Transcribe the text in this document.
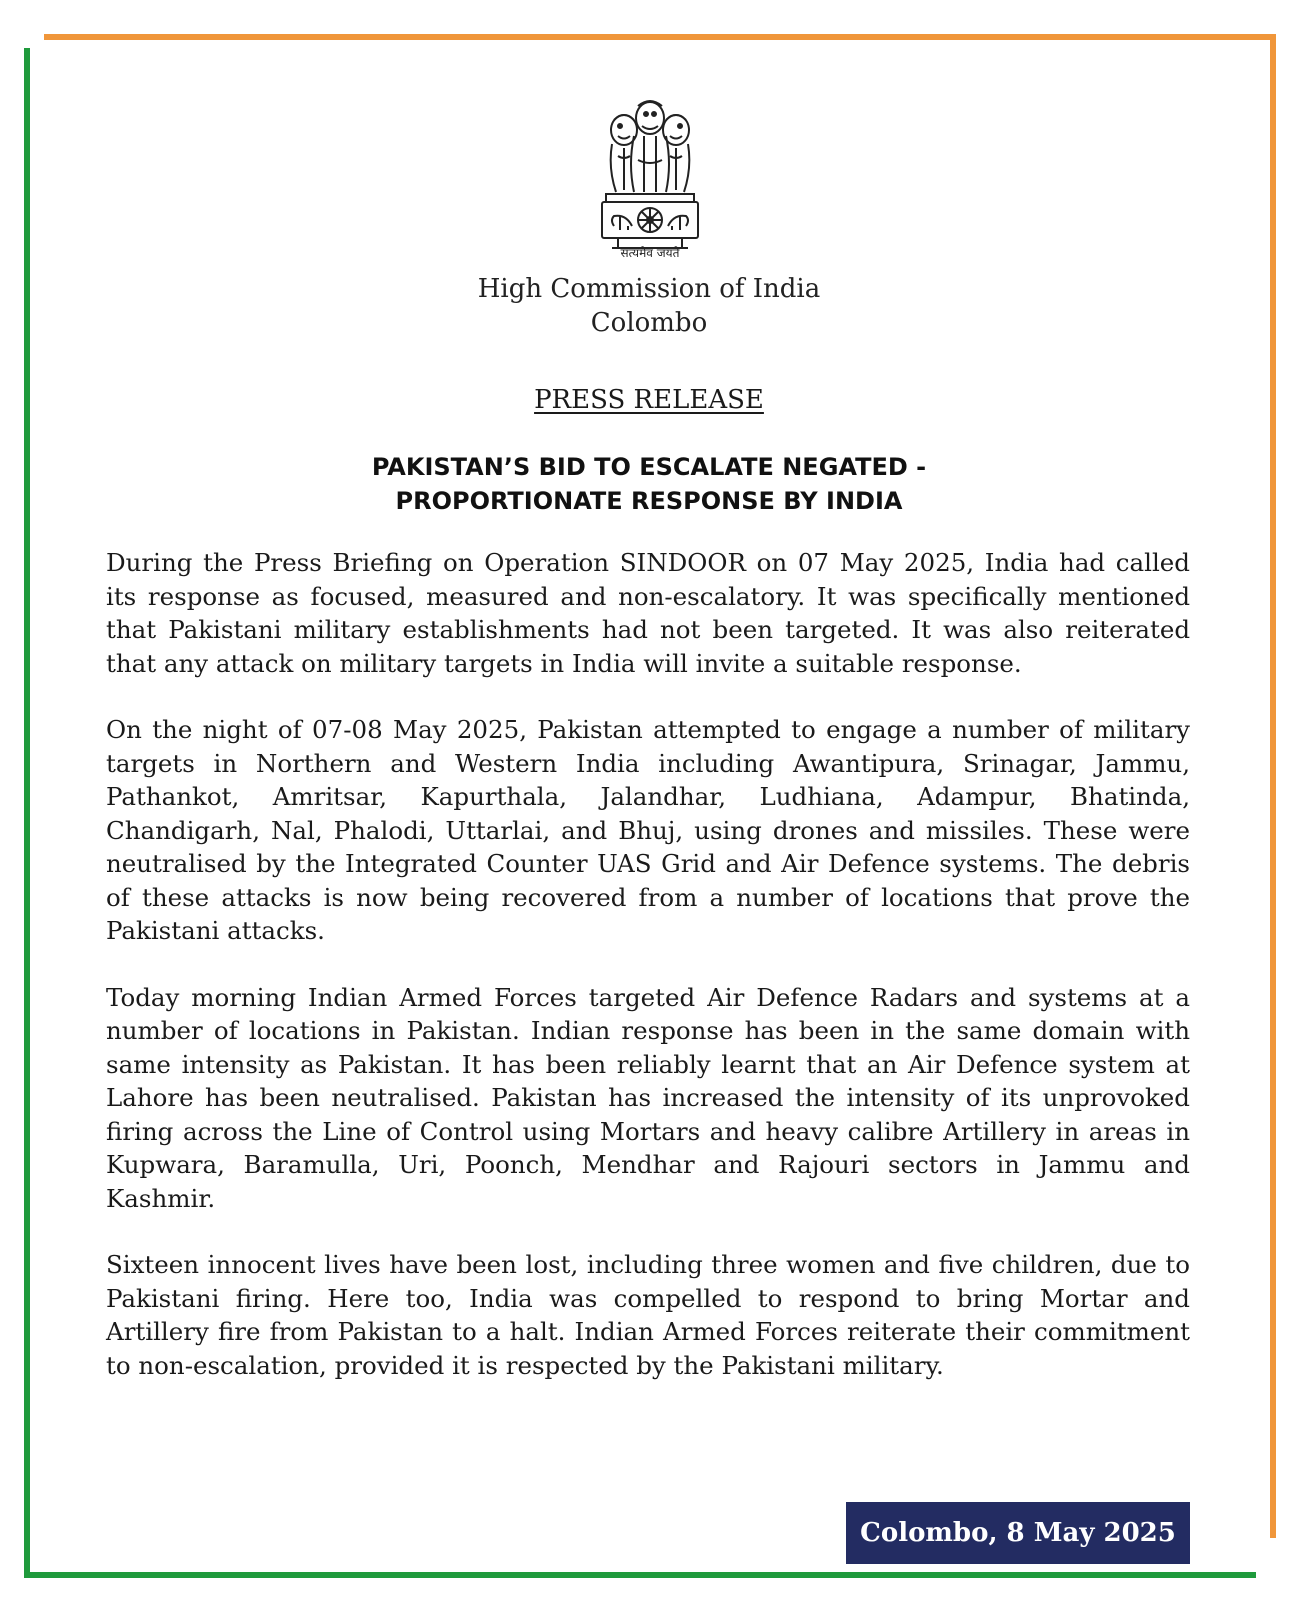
सत्यमेव जयते
High Commission of India
Colombo
PRESS RELEASE
PAKISTAN’S BID TO ESCALATE NEGATED -
PROPORTIONATE RESPONSE BY INDIA

During the Press Briefing on Operation SINDOOR on 07 May 2025, India had called its response as focused, measured and non-escalatory. It was specifically mentioned that Pakistani military establishments had not been targeted. It was also reiterated that any attack on military targets in India will invite a suitable response.

On the night of 07-08 May 2025, Pakistan attempted to engage a number of military targets in Northern and Western India including Awantipura, Srinagar, Jammu, Pathankot, Amritsar, Kapurthala, Jalandhar, Ludhiana, Adampur, Bhatinda, Chandigarh, Nal, Phalodi, Uttarlai, and Bhuj, using drones and missiles. These were neutralised by the Integrated Counter UAS Grid and Air Defence systems. The debris of these attacks is now being recovered from a number of locations that prove the Pakistani attacks.

Today morning Indian Armed Forces targeted Air Defence Radars and systems at a number of locations in Pakistan. Indian response has been in the same domain with same intensity as Pakistan. It has been reliably learnt that an Air Defence system at Lahore has been neutralised. Pakistan has increased the intensity of its unprovoked firing across the Line of Control using Mortars and heavy calibre Artillery in areas in Kupwara, Baramulla, Uri, Poonch, Mendhar and Rajouri sectors in Jammu and Kashmir.

Sixteen innocent lives have been lost, including three women and five children, due to Pakistani firing. Here too, India was compelled to respond to bring Mortar and Artillery fire from Pakistan to a halt. Indian Armed Forces reiterate their commitment to non-escalation, provided it is respected by the Pakistani military.

Colombo, 8 May 2025
